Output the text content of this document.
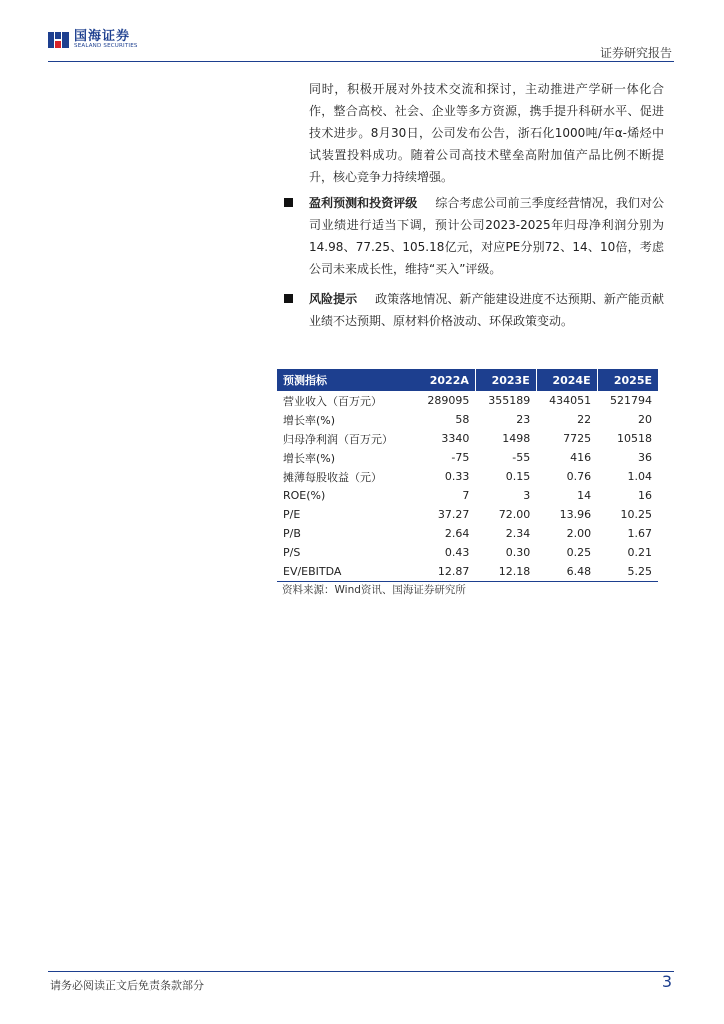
国海证券
SEALAND SECURITIES	证券研究报告
同时，积极开展对外技术交流和探讨，主动推进产学研一体化合作，整合高校、社会、企业等多方资源，携手提升科研水平、促进技术进步。8月30日，公司发布公告，浙石化1000吨/年α-烯烃中试装置投料成功。随着公司高技术壁垒高附加值产品比例不断提升，核心竞争力持续增强。
盈利预测和投资评级 综合考虑公司前三季度经营情况，我们对公司业绩进行适当下调，预计公司2023-2025年归母净利润分别为14.98、77.25、105.18亿元，对应PE分别72、14、10倍，考虑公司未来成长性，维持“买入”评级。
风险提示 政策落地情况、新产能建设进度不达预期、新产能贡献业绩不达预期、原材料价格波动、环保政策变动。
预测指标	2022A	2023E	2024E	2025E
营业收入（百万元）	289095	355189	434051	521794
增长率(%)	58	23	22	20
归母净利润（百万元）	3340	1498	7725	10518
增长率(%)	-75	-55	416	36
摊薄每股收益（元）	0.33	0.15	0.76	1.04
ROE(%)	7	3	14	16
P/E	37.27	72.00	13.96	10.25
P/B	2.64	2.34	2.00	1.67
P/S	0.43	0.30	0.25	0.21
EV/EBITDA	12.87	12.18	6.48	5.25
资料来源：Wind资讯、国海证券研究所
请务必阅读正文后免责条款部分	3
